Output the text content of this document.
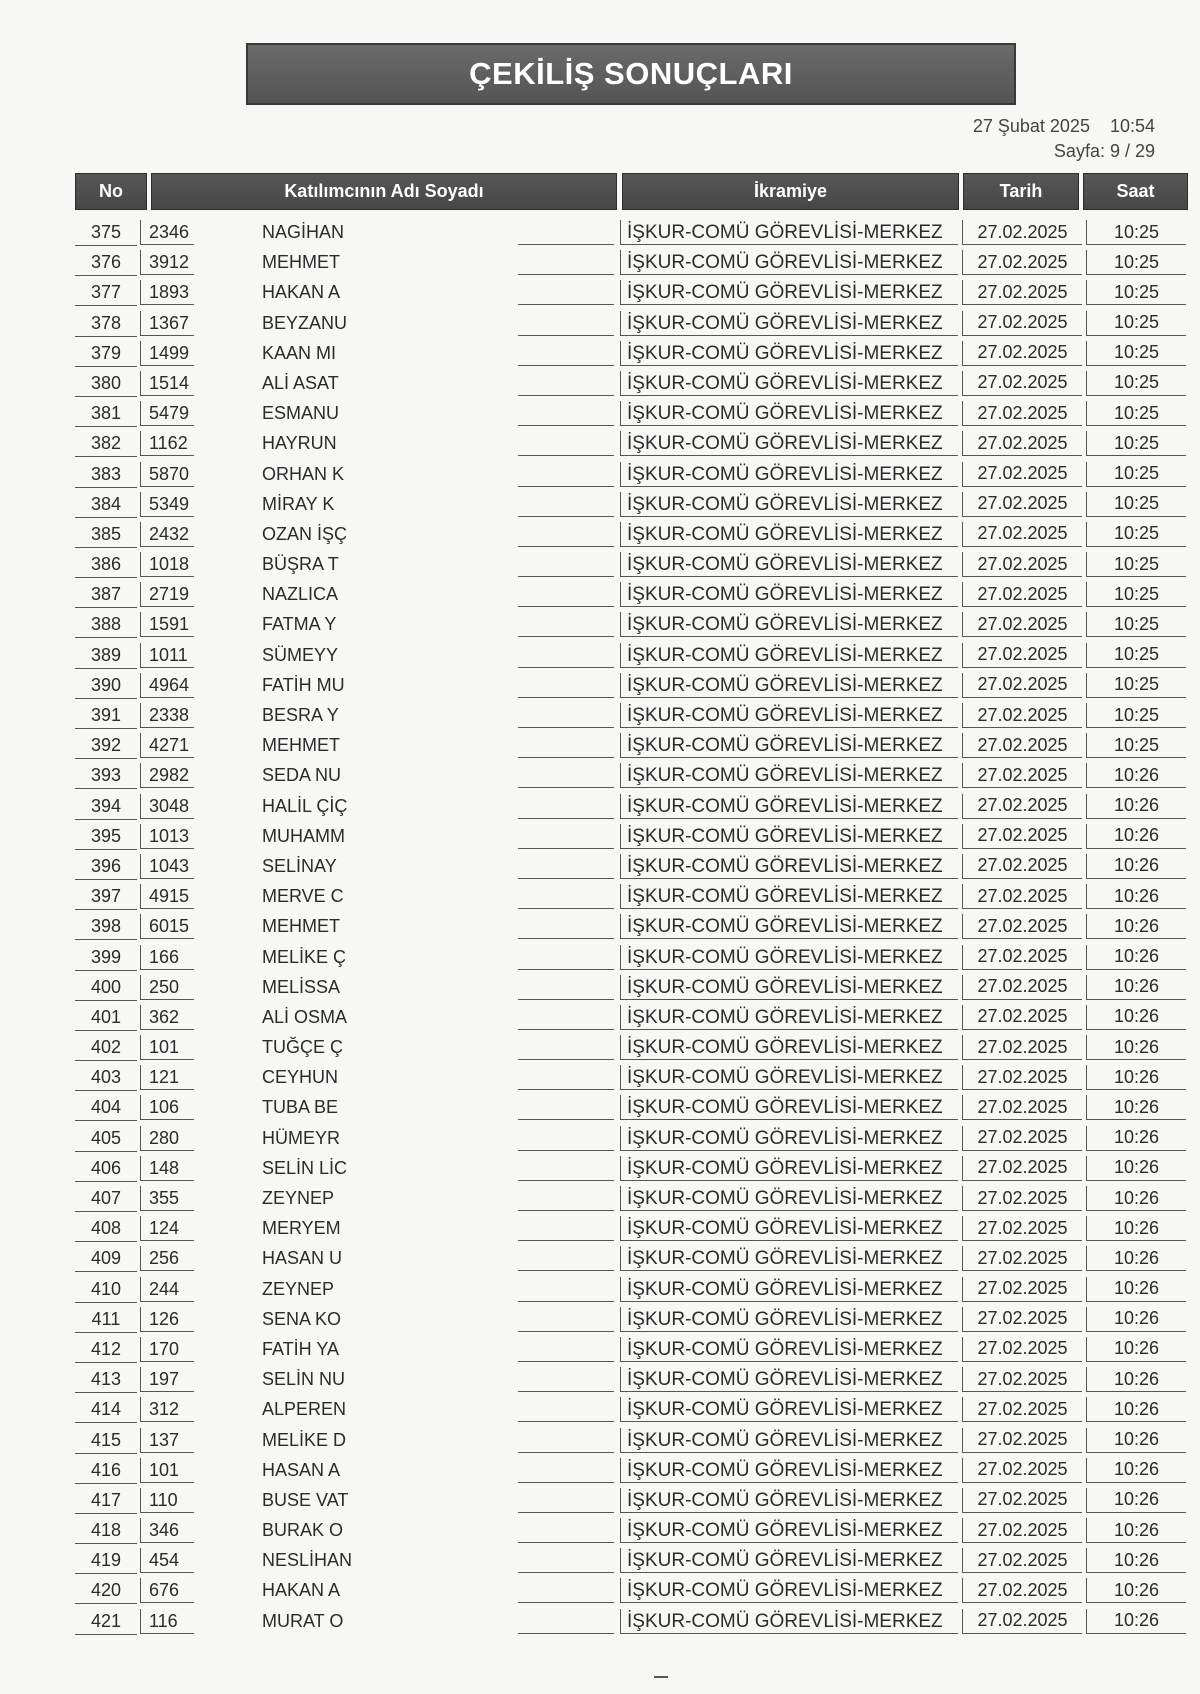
ÇEKİLİŞ SONUÇLARI
27 Şubat 2025 10:54
Sayfa: 9 / 29
No	Katılımcının Adı Soyadı	İkramiye	Tarih	Saat
375	2346	NAGİHAN	İŞKUR-COMÜ GÖREVLİSİ-MERKEZ	27.02.2025	10:25
376	3912	MEHMET	İŞKUR-COMÜ GÖREVLİSİ-MERKEZ	27.02.2025	10:25
377	1893	HAKAN A	İŞKUR-COMÜ GÖREVLİSİ-MERKEZ	27.02.2025	10:25
378	1367	BEYZANU	İŞKUR-COMÜ GÖREVLİSİ-MERKEZ	27.02.2025	10:25
379	1499	KAAN MI	İŞKUR-COMÜ GÖREVLİSİ-MERKEZ	27.02.2025	10:25
380	1514	ALİ ASAT	İŞKUR-COMÜ GÖREVLİSİ-MERKEZ	27.02.2025	10:25
381	5479	ESMANU	İŞKUR-COMÜ GÖREVLİSİ-MERKEZ	27.02.2025	10:25
382	1162	HAYRUN	İŞKUR-COMÜ GÖREVLİSİ-MERKEZ	27.02.2025	10:25
383	5870	ORHAN K	İŞKUR-COMÜ GÖREVLİSİ-MERKEZ	27.02.2025	10:25
384	5349	MİRAY K	İŞKUR-COMÜ GÖREVLİSİ-MERKEZ	27.02.2025	10:25
385	2432	OZAN İŞÇ	İŞKUR-COMÜ GÖREVLİSİ-MERKEZ	27.02.2025	10:25
386	1018	BÜŞRA T	İŞKUR-COMÜ GÖREVLİSİ-MERKEZ	27.02.2025	10:25
387	2719	NAZLICA	İŞKUR-COMÜ GÖREVLİSİ-MERKEZ	27.02.2025	10:25
388	1591	FATMA Y	İŞKUR-COMÜ GÖREVLİSİ-MERKEZ	27.02.2025	10:25
389	1011	SÜMEYY	İŞKUR-COMÜ GÖREVLİSİ-MERKEZ	27.02.2025	10:25
390	4964	FATİH MU	İŞKUR-COMÜ GÖREVLİSİ-MERKEZ	27.02.2025	10:25
391	2338	BESRA Y	İŞKUR-COMÜ GÖREVLİSİ-MERKEZ	27.02.2025	10:25
392	4271	MEHMET	İŞKUR-COMÜ GÖREVLİSİ-MERKEZ	27.02.2025	10:25
393	2982	SEDA NU	İŞKUR-COMÜ GÖREVLİSİ-MERKEZ	27.02.2025	10:26
394	3048	HALİL ÇİÇ	İŞKUR-COMÜ GÖREVLİSİ-MERKEZ	27.02.2025	10:26
395	1013	MUHAMM	İŞKUR-COMÜ GÖREVLİSİ-MERKEZ	27.02.2025	10:26
396	1043	SELİNAY	İŞKUR-COMÜ GÖREVLİSİ-MERKEZ	27.02.2025	10:26
397	4915	MERVE C	İŞKUR-COMÜ GÖREVLİSİ-MERKEZ	27.02.2025	10:26
398	6015	MEHMET	İŞKUR-COMÜ GÖREVLİSİ-MERKEZ	27.02.2025	10:26
399	166	MELİKE Ç	İŞKUR-COMÜ GÖREVLİSİ-MERKEZ	27.02.2025	10:26
400	250	MELİSSA	İŞKUR-COMÜ GÖREVLİSİ-MERKEZ	27.02.2025	10:26
401	362	ALİ OSMA	İŞKUR-COMÜ GÖREVLİSİ-MERKEZ	27.02.2025	10:26
402	101	TUĞÇE Ç	İŞKUR-COMÜ GÖREVLİSİ-MERKEZ	27.02.2025	10:26
403	121	CEYHUN	İŞKUR-COMÜ GÖREVLİSİ-MERKEZ	27.02.2025	10:26
404	106	TUBA BE	İŞKUR-COMÜ GÖREVLİSİ-MERKEZ	27.02.2025	10:26
405	280	HÜMEYR	İŞKUR-COMÜ GÖREVLİSİ-MERKEZ	27.02.2025	10:26
406	148	SELİN LİC	İŞKUR-COMÜ GÖREVLİSİ-MERKEZ	27.02.2025	10:26
407	355	ZEYNEP	İŞKUR-COMÜ GÖREVLİSİ-MERKEZ	27.02.2025	10:26
408	124	MERYEM	İŞKUR-COMÜ GÖREVLİSİ-MERKEZ	27.02.2025	10:26
409	256	HASAN U	İŞKUR-COMÜ GÖREVLİSİ-MERKEZ	27.02.2025	10:26
410	244	ZEYNEP	İŞKUR-COMÜ GÖREVLİSİ-MERKEZ	27.02.2025	10:26
411	126	SENA KO	İŞKUR-COMÜ GÖREVLİSİ-MERKEZ	27.02.2025	10:26
412	170	FATİH YA	İŞKUR-COMÜ GÖREVLİSİ-MERKEZ	27.02.2025	10:26
413	197	SELİN NU	İŞKUR-COMÜ GÖREVLİSİ-MERKEZ	27.02.2025	10:26
414	312	ALPEREN	İŞKUR-COMÜ GÖREVLİSİ-MERKEZ	27.02.2025	10:26
415	137	MELİKE D	İŞKUR-COMÜ GÖREVLİSİ-MERKEZ	27.02.2025	10:26
416	101	HASAN A	İŞKUR-COMÜ GÖREVLİSİ-MERKEZ	27.02.2025	10:26
417	110	BUSE VAT	İŞKUR-COMÜ GÖREVLİSİ-MERKEZ	27.02.2025	10:26
418	346	BURAK O	İŞKUR-COMÜ GÖREVLİSİ-MERKEZ	27.02.2025	10:26
419	454	NESLİHAN	İŞKUR-COMÜ GÖREVLİSİ-MERKEZ	27.02.2025	10:26
420	676	HAKAN A	İŞKUR-COMÜ GÖREVLİSİ-MERKEZ	27.02.2025	10:26
421	116	MURAT O	İŞKUR-COMÜ GÖREVLİSİ-MERKEZ	27.02.2025	10:26
